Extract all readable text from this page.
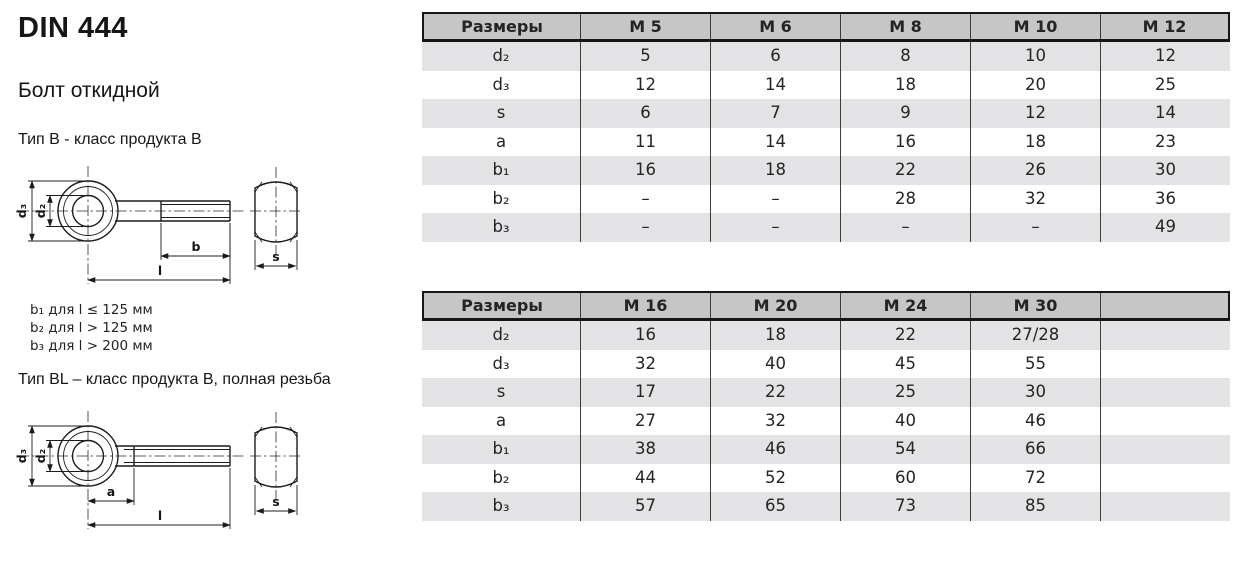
DIN 444
Болт откидной
Тип B - класс продукта B
Тип BL – класс продукта B, полная резьба
b₁ для l ≤ 125 мм
b₂ для l > 125 мм
b₃ для l > 200 мм
d₃ d₂
b
l
s
d₃ d₂
a
l
s
Размеры	M 5	M 6	M 8	M 10	M 12
d₂	5	6	8	10	12
d₃	12	14	18	20	25
s	6	7	9	12	14
a	11	14	16	18	23
b₁	16	18	22	26	30
b₂	–	–	28	32	36
b₃	–	–	–	–	49
Размеры	M 16	M 20	M 24	M 30
d₂	16	18	22	27/28
d₃	32	40	45	55
s	17	22	25	30
a	27	32	40	46
b₁	38	46	54	66
b₂	44	52	60	72
b₃	57	65	73	85
